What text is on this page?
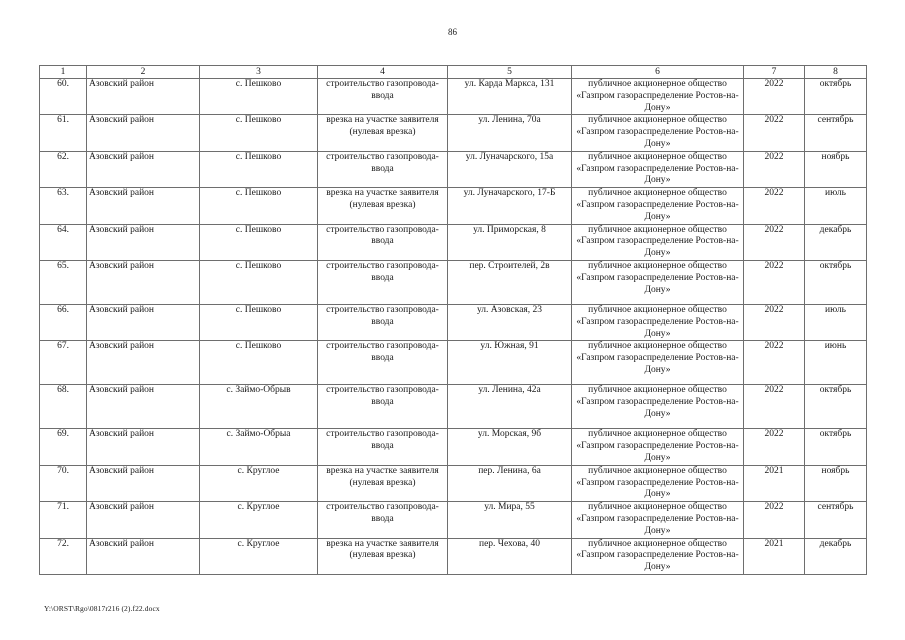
86
1	2	3	4	5	6	7	8
60.	Азовский район	с. Пешково	строительство газопровода-ввода	ул. Карда Маркса, 131	публичное акционерное общество «Газпром газораспределение Ростов-на-Дону»	2022	октябрь
61.	Азовский район	с. Пешково	врезка на участке заявителя (нулевая врезка)	ул. Ленина, 70а	публичное акционерное общество «Газпром газораспределение Ростов-на-Дону»	2022	сентябрь
62.	Азовский район	с. Пешково	строительство газопровода-ввода	ул. Луначарского, 15а	публичное акционерное общество «Газпром газораспределение Ростов-на-Дону»	2022	ноябрь
63.	Азовский район	с. Пешково	врезка на участке заявителя (нулевая врезка)	ул. Луначарского, 17-Б	публичное акционерное общество «Газпром газораспределение Ростов-на-Дону»	2022	июль
64.	Азовский район	с. Пешково	строительство газопровода-ввода	ул. Приморская, 8	публичное акционерное общество «Газпром газораспределение Ростов-на-Дону»	2022	декабрь
65.	Азовский район	с. Пешково	строительство газопровода-ввода	пер. Строителей, 2в	публичное акционерное общество «Газпром газораспределение Ростов-на-Дону»	2022	октябрь
66.	Азовский район	с. Пешково	строительство газопровода-ввода	ул. Азовская, 23	публичное акционерное общество «Газпром газораспределение Ростов-на-Дону»	2022	июль
67.	Азовский район	с. Пешково	строительство газопровода-ввода	ул. Южная, 91	публичное акционерное общество «Газпром газораспределение Ростов-на-Дону»	2022	июнь
68.	Азовский район	с. Займо-Обрыв	строительство газопровода-ввода	ул. Ленина, 42а	публичное акционерное общество «Газпром газораспределение Ростов-на-Дону»	2022	октябрь
69.	Азовский район	с. Займо-Обрыа	строительство газопровода-ввода	ул. Морская, 9б	публичное акционерное общество «Газпром газораспределение Ростов-на-Дону»	2022	октябрь
70.	Азовский район	с. Круглое	врезка на участке заявителя (нулевая врезка)	пер. Ленина, 6а	публичное акционерное общество «Газпром газораспределение Ростов-на-Дону»	2021	ноябрь
71.	Азовский район	с. Круглое	строительство газопровода-ввода	ул. Мира, 55	публичное акционерное общество «Газпром газораспределение Ростов-на-Дону»	2022	сентябрь
72.	Азовский район	с. Круглое	врезка на участке заявителя (нулевая врезка)	пер. Чехова, 40	публичное акционерное общество «Газпром газораспределение Ростов-на-Дону»	2021	декабрь
Y:\ORST\Rgo\0817r216 (2).f22.docx
